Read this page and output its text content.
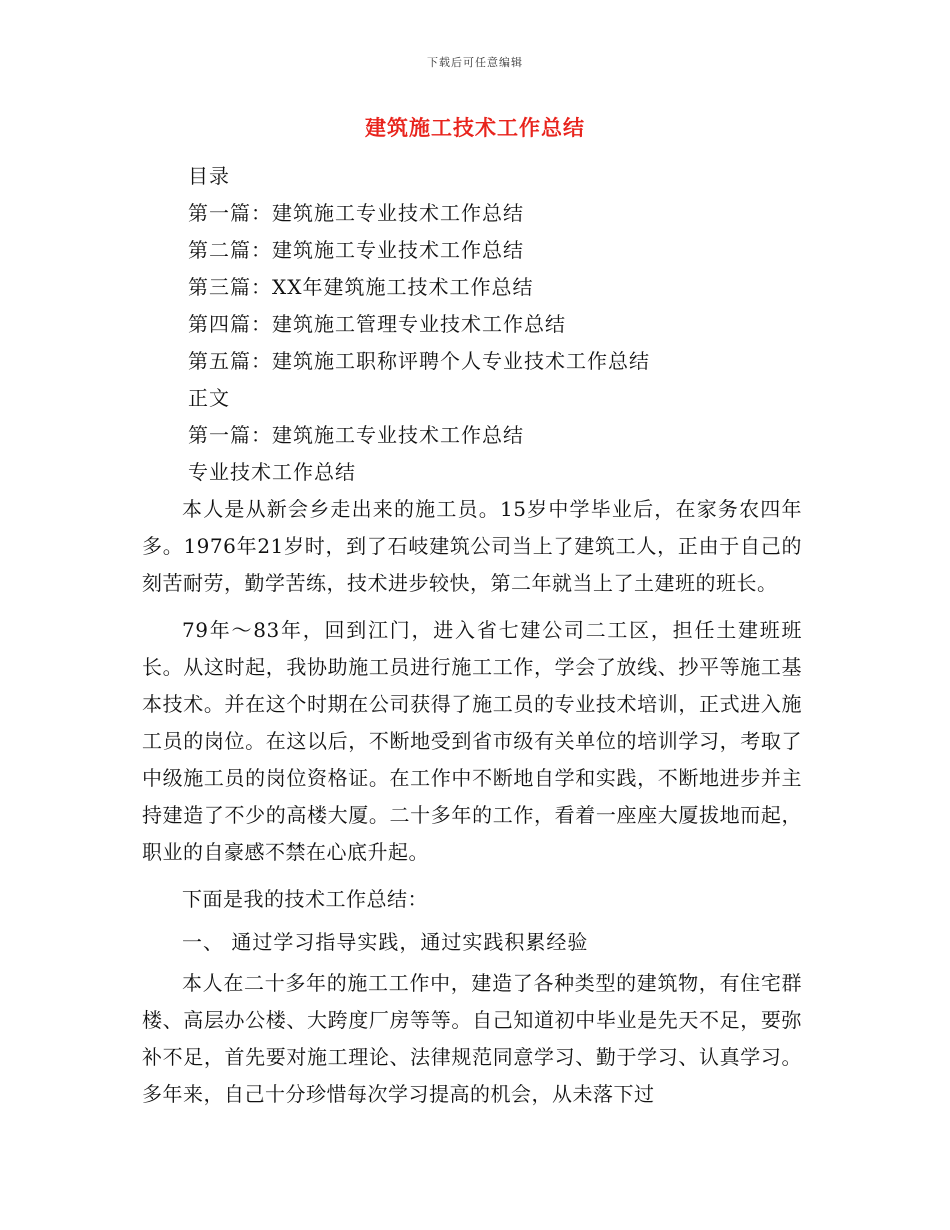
下载后可任意编辑
建筑施工技术工作总结
目录
第一篇：建筑施工专业技术工作总结
第二篇：建筑施工专业技术工作总结
第三篇：XX年建筑施工技术工作总结
第四篇：建筑施工管理专业技术工作总结
第五篇：建筑施工职称评聘个人专业技术工作总结
正文
第一篇：建筑施工专业技术工作总结
专业技术工作总结

本人是从新会乡走出来的施工员。15岁中学毕业后，在家务农四年多。1976年21岁时，到了石岐建筑公司当上了建筑工人，正由于自己的刻苦耐劳，勤学苦练，技术进步较快，第二年就当上了土建班的班长。

79年～83年，回到江门，进入省七建公司二工区，担任土建班班长。从这时起，我协助施工员进行施工工作，学会了放线、抄平等施工基本技术。并在这个时期在公司获得了施工员的专业技术培训，正式进入施工员的岗位。在这以后，不断地受到省市级有关单位的培训学习，考取了中级施工员的岗位资格证。在工作中不断地自学和实践，不断地进步并主持建造了不少的高楼大厦。二十多年的工作，看着一座座大厦拔地而起，职业的自豪感不禁在心底升起。

下面是我的技术工作总结：

一、 通过学习指导实践，通过实践积累经验

本人在二十多年的施工工作中，建造了各种类型的建筑物，有住宅群楼、高层办公楼、大跨度厂房等等。自己知道初中毕业是先天不足，要弥补不足，首先要对施工理论、法律规范同意学习、勤于学习、认真学习。多年来，自己十分珍惜每次学习提高的机会，从未落下过
